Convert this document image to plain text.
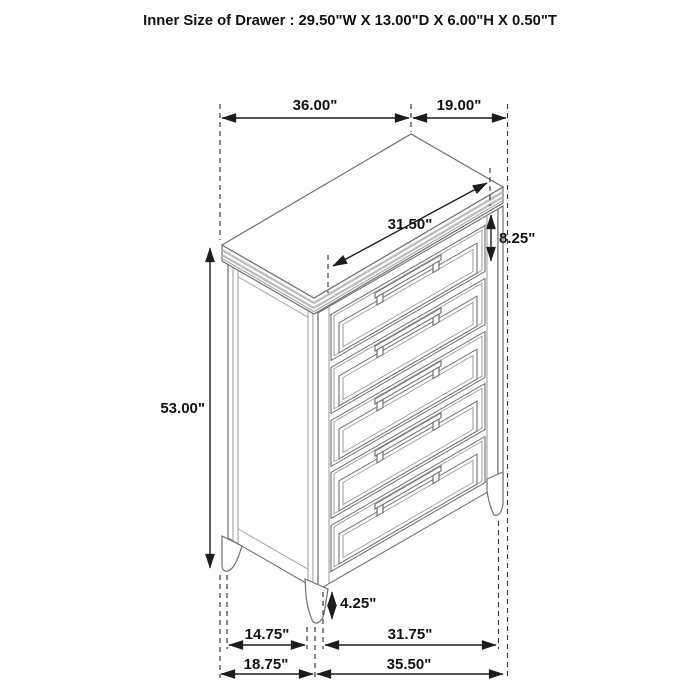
Inner Size of Drawer : 29.50"W X 13.00"D X 6.00"H X 0.50"T
36.00"	19.00"
31.50"
8.25"
53.00"
4.25"
14.75"	31.75"
18.75"	35.50"
